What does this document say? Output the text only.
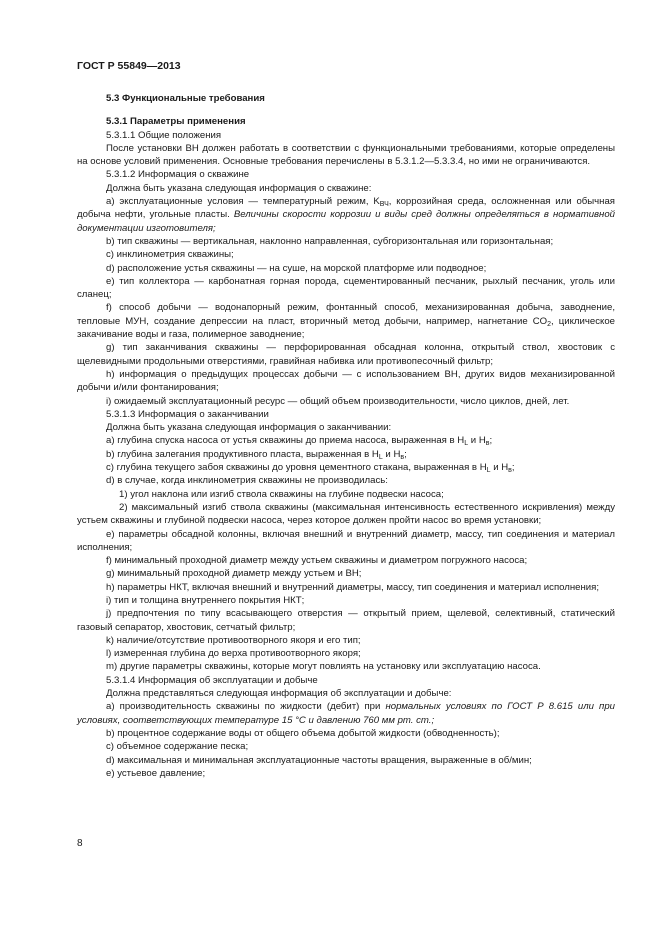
ГОСТ Р 55849—2013

5.3 Функциональные требования

5.3.1 Параметры применения

5.3.1.1 Общие положения

После установки ВН должен работать в соответствии с функциональными требованиями, которые определены на основе условий применения. Основные требования перечислены в 5.3.1.2—5.3.3.4, но ими не ограничиваются.

5.3.1.2 Информация о скважине

Должна быть указана следующая информация о скважине:

a) эксплуатационные условия — температурный режим, $K_{ВЧ}$, коррозийная среда, осложненная или обычная добыча нефти, угольные пласты. Величины скорости коррозии и виды сред должны определяться в нормативной документации изготовителя;

b) тип скважины — вертикальная, наклонно направленная, субгоризонтальная или горизонтальная;

c) инклинометрия скважины;

d) расположение устья скважины — на суше, на морской платформе или подводное;

e) тип коллектора — карбонатная горная порода, сцементированный песчаник, рыхлый песчаник, уголь или сланец;

f) способ добычи — водонапорный режим, фонтанный способ, механизированная добыча, заводнение, тепловые МУН, создание депрессии на пласт, вторичный метод добычи, например, нагнетание $CO_2$, циклическое закачивание воды и газа, полимерное заводнение;

g) тип заканчивания скважины — перфорированная обсадная колонна, открытый ствол, хвостовик с щелевидными продольными отверстиями, гравийная набивка или противопесочный фильтр;

h) информация о предыдущих процессах добычи — с использованием ВН, других видов механизированной добычи и/или фонтанирования;

i) ожидаемый эксплуатационный ресурс — общий объем производительности, число циклов, дней, лет.

5.3.1.3 Информация о заканчивании

Должна быть указана следующая информация о заканчивании:

a) глубина спуска насоса от устья скважины до приема насоса, выраженная в $H_L$ и $H_в$;

b) глубина залегания продуктивного пласта, выраженная в $H_L$ и $H_в$;

c) глубина текущего забоя скважины до уровня цементного стакана, выраженная в $H_L$ и $H_в$;

d) в случае, когда инклинометрия скважины не производилась:

1) угол наклона или изгиб ствола скважины на глубине подвески насоса;

2) максимальный изгиб ствола скважины (максимальная интенсивность естественного искривления) между устьем скважины и глубиной подвески насоса, через которое должен пройти насос во время установки;

e) параметры обсадной колонны, включая внешний и внутренний диаметр, массу, тип соединения и материал исполнения;

f) минимальный проходной диаметр между устьем скважины и диаметром погружного насоса;

g) минимальный проходной диаметр между устьем и ВН;

h) параметры НКТ, включая внешний и внутренний диаметры, массу, тип соединения и материал исполнения;

i) тип и толщина внутреннего покрытия НКТ;

j) предпочтения по типу всасывающего отверстия — открытый прием, щелевой, селективный, статический газовый сепаратор, хвостовик, сетчатый фильтр;

k) наличие/отсутствие противоотворного якоря и его тип;

l) измеренная глубина до верха противоотворного якоря;

m) другие параметры скважины, которые могут повлиять на установку или эксплуатацию насоса.

5.3.1.4 Информация об эксплуатации и добыче

Должна представляться следующая информация об эксплуатации и добыче:

a) производительность скважины по жидкости (дебит) при нормальных условиях по ГОСТ Р 8.615 или при условиях, соответствующих температуре 15 °С и давлению 760 мм рт. ст.;

b) процентное содержание воды от общего объема добытой жидкости (обводненность);

c) объемное содержание песка;

d) максимальная и минимальная эксплуатационные частоты вращения, выраженные в об/мин;

e) устьевое давление;

8
